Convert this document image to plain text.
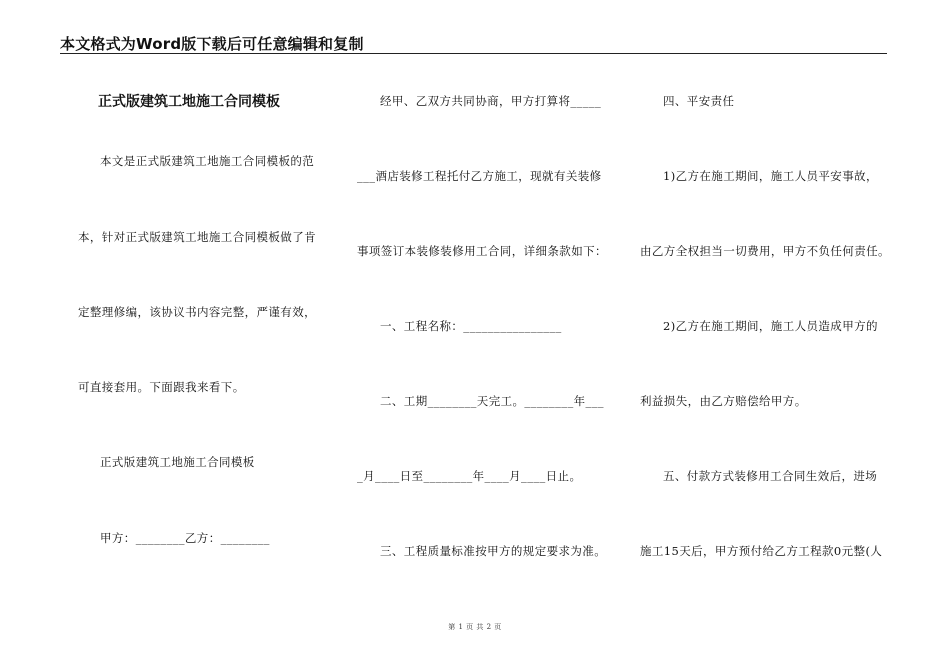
本文格式为Word版下载后可任意编辑和复制
正式版建筑工地施工合同模板
本文是正式版建筑工地施工合同模板的范
本，针对正式版建筑工地施工合同模板做了肯
定整理修编，该协议书内容完整，严谨有效，
可直接套用。下面跟我来看下。
正式版建筑工地施工合同模板
甲方：________乙方：________
经甲、乙双方共同协商，甲方打算将_____
___酒店装修工程托付乙方施工，现就有关装修
事项签订本装修装修用工合同，详细条款如下：
一、工程名称：________________
二、工期________天完工。________年___
_月____日至________年____月____日止。
三、工程质量标准按甲方的规定要求为准。
四、平安责任
1)乙方在施工期间，施工人员平安事故，
由乙方全权担当一切费用，甲方不负任何责任。
2)乙方在施工期间，施工人员造成甲方的
利益损失，由乙方赔偿给甲方。
五、付款方式装修用工合同生效后，进场
施工15天后，甲方预付给乙方工程款0元整(人
第 1 页 共 2 页
